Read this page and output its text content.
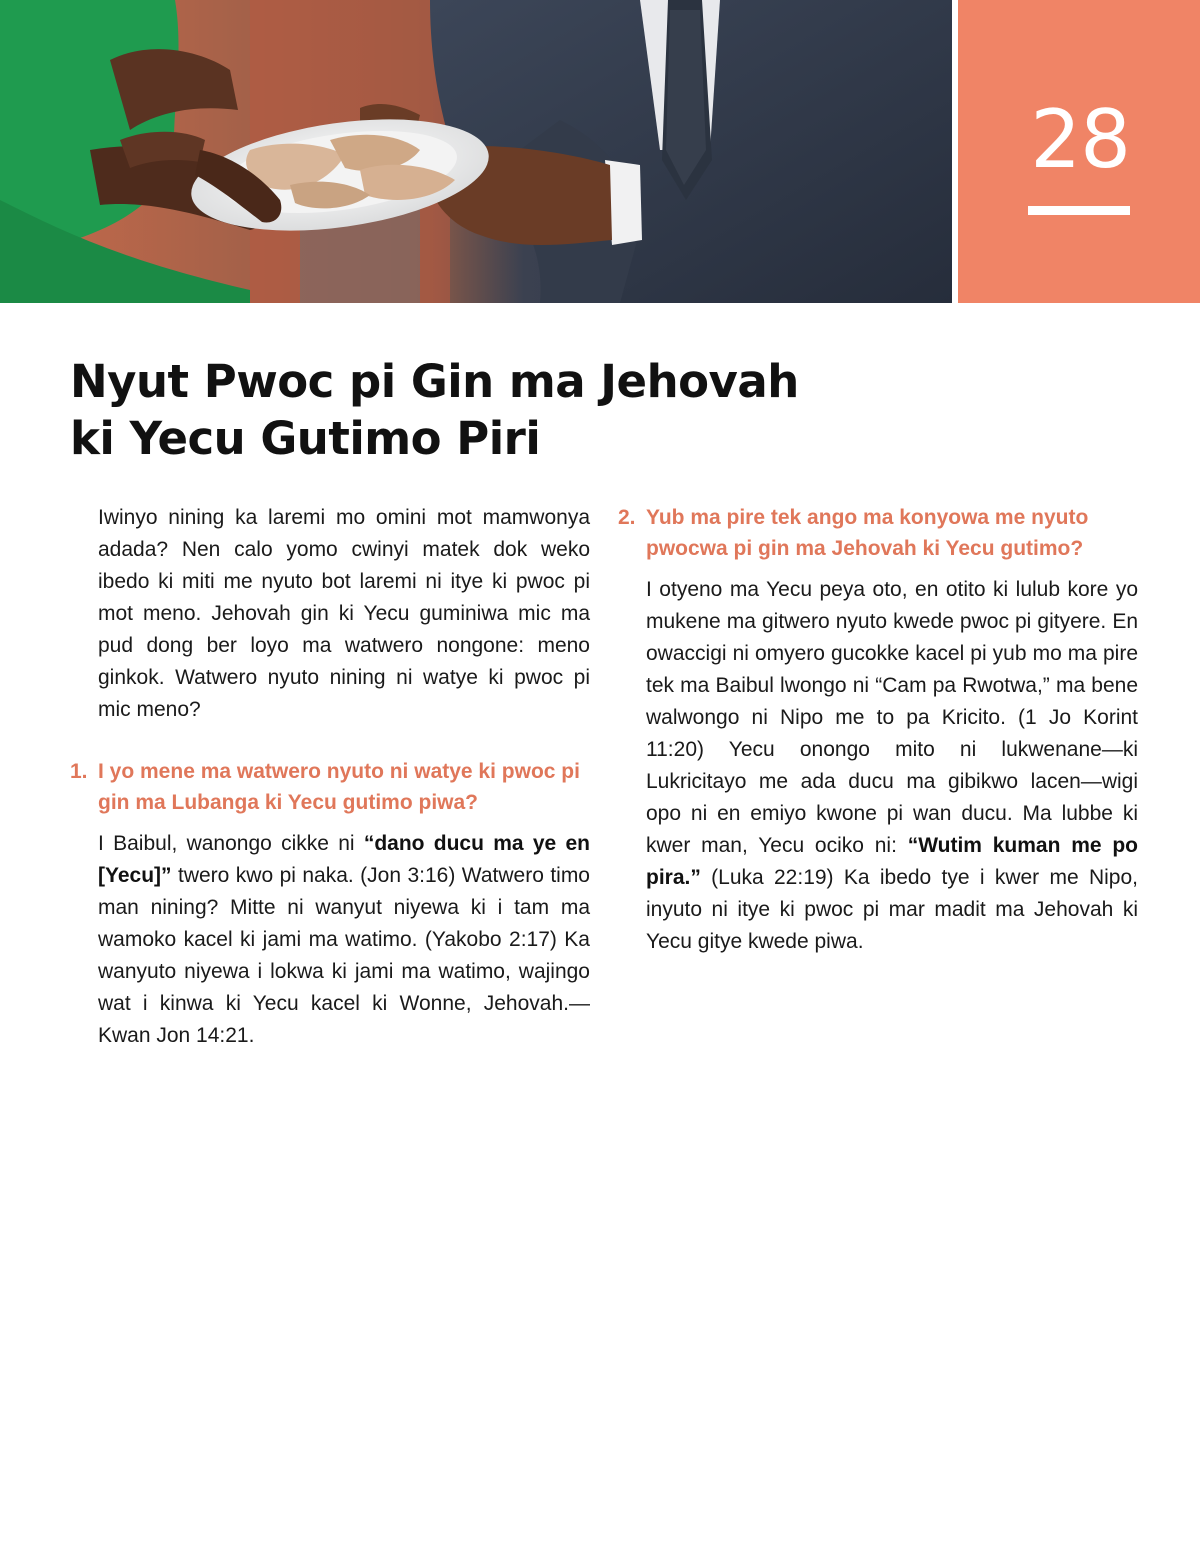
28
Nyut Pwoc pi Gin ma Jehovah
ki Yecu Gutimo Piri

Iwinyo nining ka laremi mo omini mot mamwonya adada? Nen calo yomo cwinyi matek dok weko ibedo ki miti me nyuto bot laremi ni itye ki pwoc pi mot meno. Jehovah gin ki Yecu guminiwa mic ma pud dong ber loyo ma watwero nongone: meno ginkok. Watwero nyuto nining ni watye ki pwoc pi mic meno?

1. I yo mene ma watwero nyuto ni watye ki pwoc pi gin ma Lubanga ki Yecu gutimo piwa?

I Baibul, wanongo cikke ni “dano ducu ma ye en [Yecu]” twero kwo pi naka. (Jon 3:16) Watwero timo man nining? Mitte ni wanyut niyewa ki i tam ma wamoko kacel ki jami ma watimo. (Yakobo 2:17) Ka wanyuto niyewa i lokwa ki jami ma watimo, wajingo wat i kinwa ki Yecu kacel ki Wonne, Jehovah.—Kwan Jon 14:21.

2. Yub ma pire tek ango ma konyowa me nyuto pwocwa pi gin ma Jehovah ki Yecu gutimo?

I otyeno ma Yecu peya oto, en otito ki lulub kore yo mukene ma gitwero nyuto kwede pwoc pi gityere. En owaccigi ni omyero gucokke kacel pi yub mo ma pire tek ma Baibul lwongo ni “Cam pa Rwotwa,” ma bene walwongo ni Nipo me to pa Kricito. (1 Jo Korint 11:20) Yecu onongo mito ni lukwenane—ki Lukricitayo me ada ducu ma gibikwo lacen—wigi opo ni en emiyo kwone pi wan ducu. Ma lubbe ki kwer man, Yecu ociko ni: “Wutim kuman me po pira.” (Luka 22:19) Ka ibedo tye i kwer me Nipo, inyuto ni itye ki pwoc pi mar madit ma Jehovah ki Yecu gitye kwede piwa.
